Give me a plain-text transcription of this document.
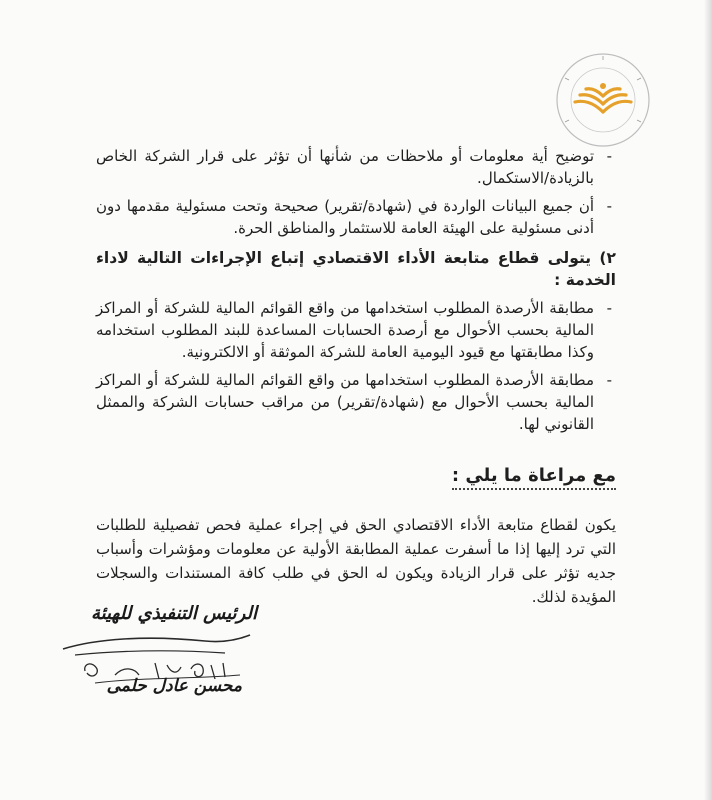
- توضيح أية معلومات أو ملاحظات من شأنها أن تؤثر على قرار الشركة الخاص بالزيادة/الاستكمال.

- أن جميع البيانات الواردة في (شهادة/تقرير) صحيحة وتحت مسئولية مقدمها دون أدنى مسئولية على الهيئة العامة للاستثمار والمناطق الحرة.

٢) يتولى قطاع متابعة الأداء الاقتصادي إتباع الإجراءات التالية لاداء الخدمة :

- مطابقة الأرصدة المطلوب استخدامها من واقع القوائم المالية للشركة أو المراكز المالية بحسب الأحوال مع أرصدة الحسابات المساعدة للبند المطلوب استخدامه وكذا مطابقتها مع قيود اليومية العامة للشركة الموثقة أو الالكترونية.

- مطابقة الأرصدة المطلوب استخدامها من واقع القوائم المالية للشركة أو المراكز المالية بحسب الأحوال مع (شهادة/تقرير) من مراقب حسابات الشركة والممثل القانوني لها.

مع مراعاة ما يلي :

يكون لقطاع متابعة الأداء الاقتصادي الحق في إجراء عملية فحص تفصيلية للطلبات التي ترد إليها إذا ما أسفرت عملية المطابقة الأولية عن معلومات ومؤشرات وأسباب جديه تؤثر على قرار الزيادة ويكون له الحق في طلب كافة المستندات والسجلات المؤيدة لذلك.

الرئيس التنفيذي للهيئة
محسن عادل حلمى
